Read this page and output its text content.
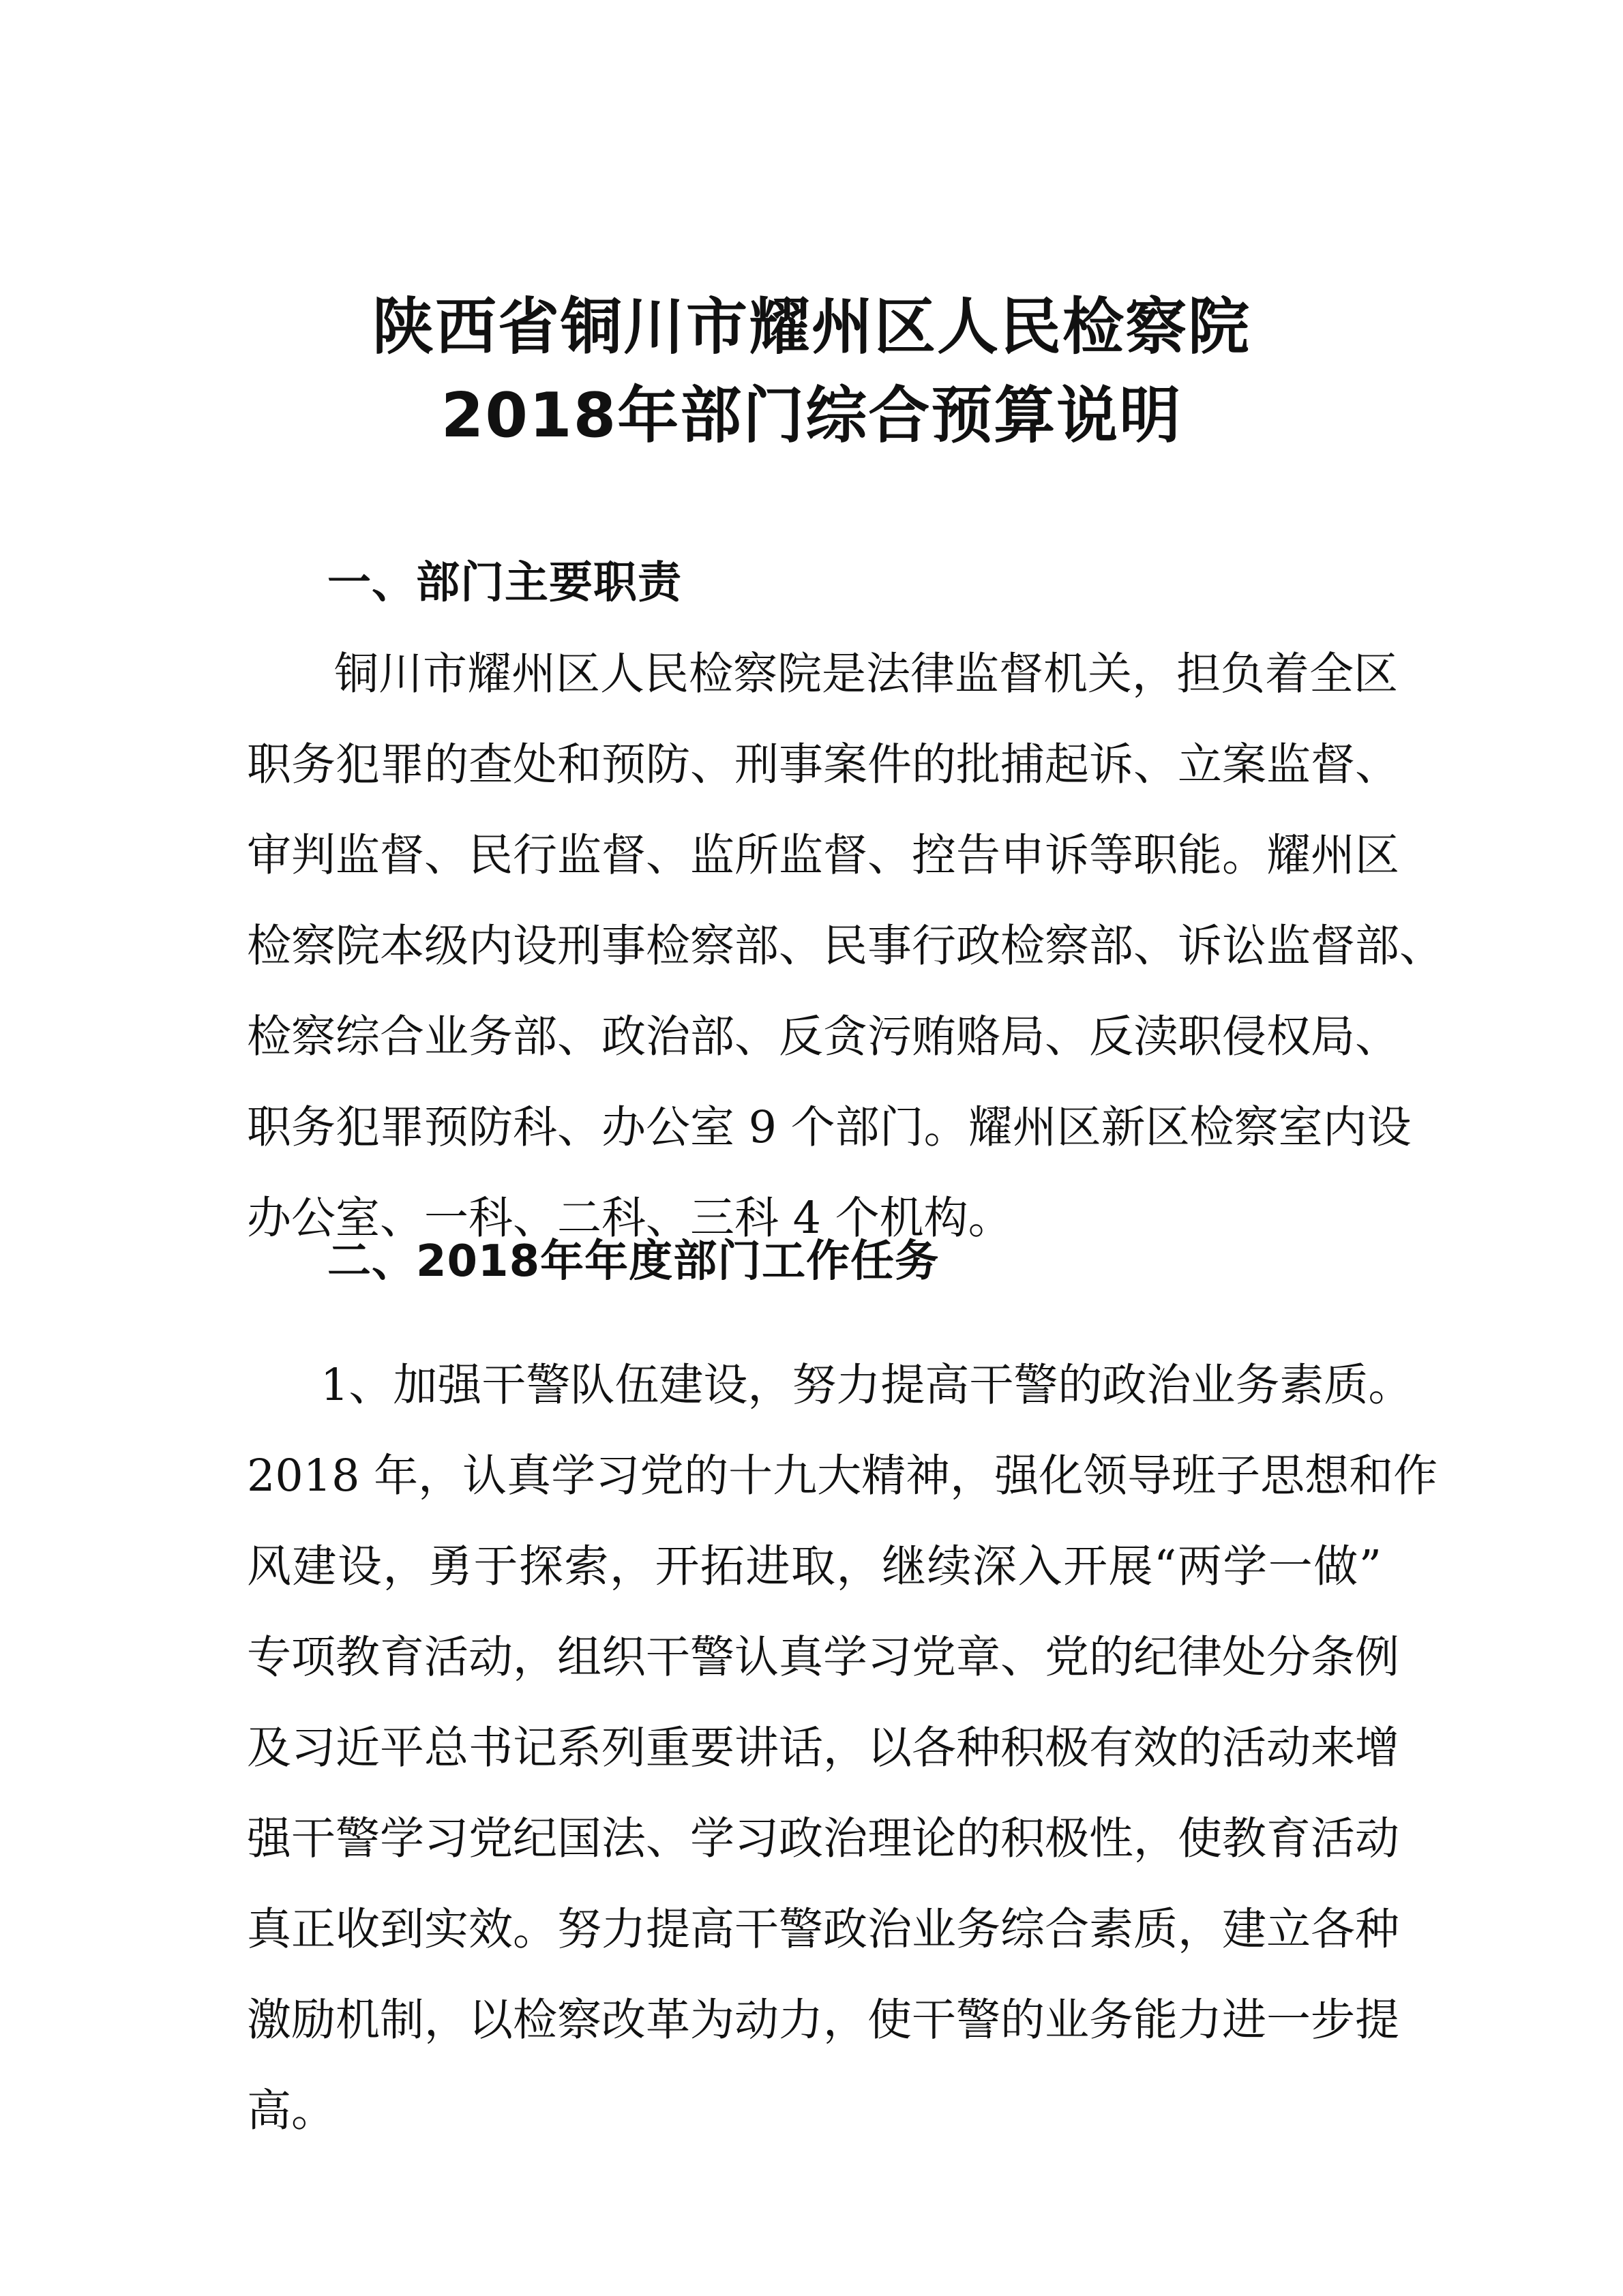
陕西省铜川市耀州区人民检察院
2018年部门综合预算说明
一、部门主要职责
铜川市耀州区人民检察院是法律监督机关，担负着全区
职务犯罪的查处和预防、刑事案件的批捕起诉、立案监督、
审判监督、民行监督、监所监督、控告申诉等职能。耀州区
检察院本级内设刑事检察部、民事行政检察部、诉讼监督部、
检察综合业务部、政治部、反贪污贿赂局、反渎职侵权局、
职务犯罪预防科、办公室 9 个部门。耀州区新区检察室内设
办公室、一科、二科、三科 4 个机构。
二、2018年年度部门工作任务
1、加强干警队伍建设，努力提高干警的政治业务素质。
2018 年，认真学习党的十九大精神，强化领导班子思想和作
风建设，勇于探索，开拓进取，继续深入开展“两学一做”
专项教育活动，组织干警认真学习党章、党的纪律处分条例
及习近平总书记系列重要讲话，以各种积极有效的活动来增
强干警学习党纪国法、学习政治理论的积极性，使教育活动
真正收到实效。努力提高干警政治业务综合素质，建立各种
激励机制，以检察改革为动力，使干警的业务能力进一步提
高。
